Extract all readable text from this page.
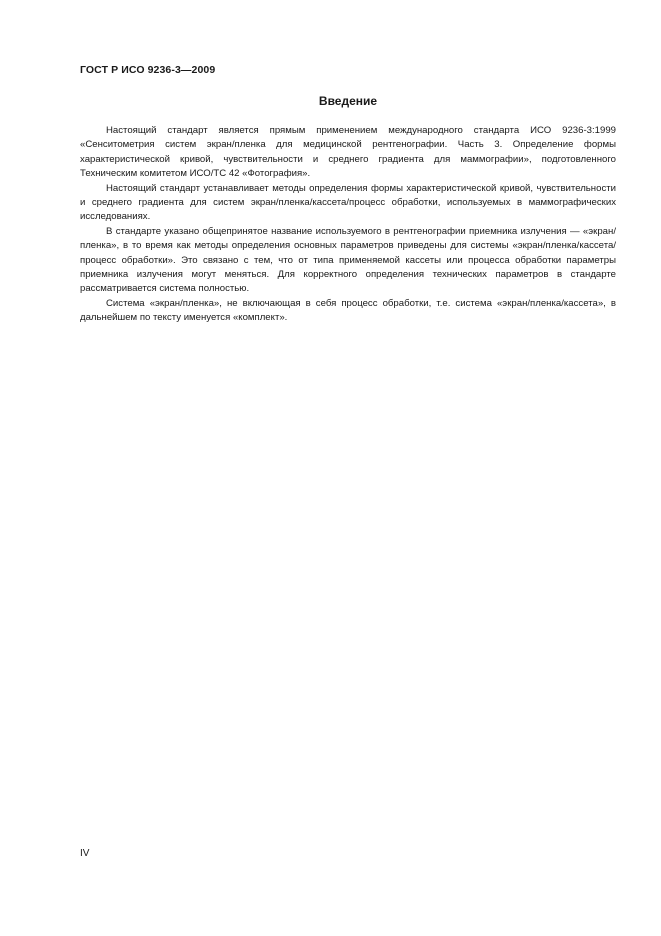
ГОСТ Р ИСО 9236-3—2009
Введение

Настоящий стандарт является прямым применением международного стандарта ИСО 9236-3:1999 «Сенситометрия систем экран/пленка для медицинской рентгенографии. Часть 3. Определение формы характеристической кривой, чувствительности и среднего градиента для маммографии», подготовленного Техническим комитетом ИСО/ТС 42 «Фотография».

Настоящий стандарт устанавливает методы определения формы характеристической кривой, чувствительности и среднего градиента для систем экран/пленка/кассета/процесс обработки, используемых в маммографических исследованиях.

В стандарте указано общепринятое название используемого в рентгенографии приемника излучения — «экран/пленка», в то время как методы определения основных параметров приведены для системы «экран/пленка/кассета/процесс обработки». Это связано с тем, что от типа применяемой кассеты или процесса обработки параметры приемника излучения могут меняться. Для корректного определения технических параметров в стандарте рассматривается система полностью.

Система «экран/пленка», не включающая в себя процесс обработки, т.е. система «экран/пленка/кассета», в дальнейшем по тексту именуется «комплект».

IV
